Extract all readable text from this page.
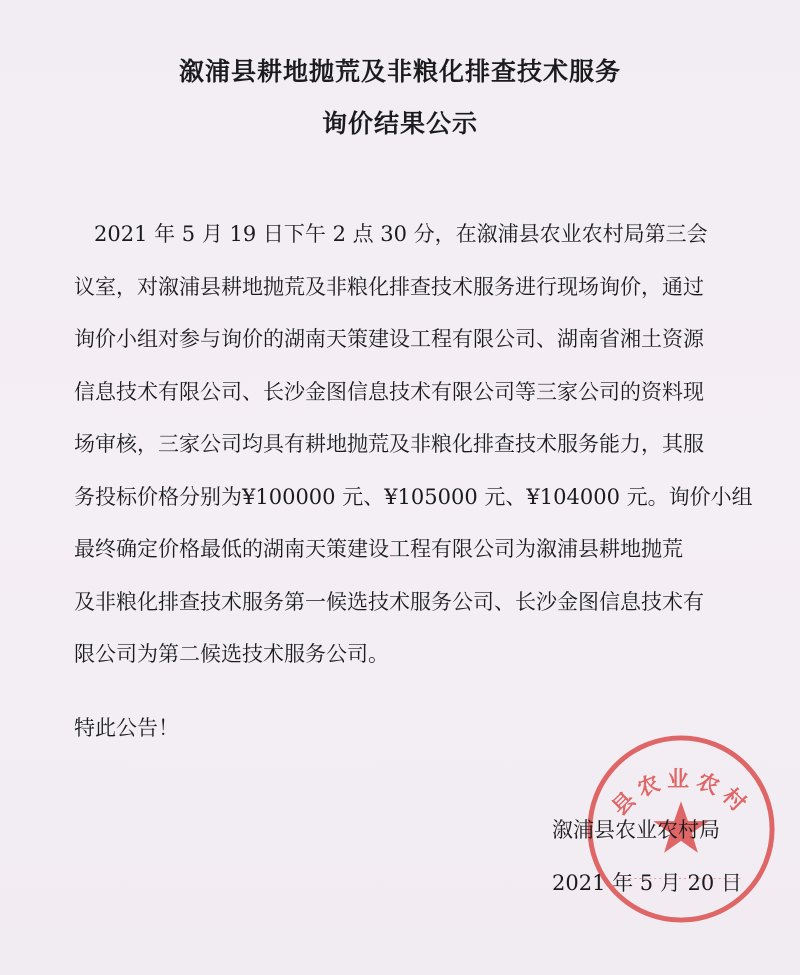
溆浦县耕地抛荒及非粮化排查技术服务
询价结果公示
2021 年 5 月 19 日下午 2 点 30 分，在溆浦县农业农村局第三会
议室，对溆浦县耕地抛荒及非粮化排查技术服务进行现场询价，通过
询价小组对参与询价的湖南天策建设工程有限公司、湖南省湘土资源
信息技术有限公司、长沙金图信息技术有限公司等三家公司的资料现
场审核，三家公司均具有耕地抛荒及非粮化排查技术服务能力，其服
务投标价格分别为¥100000 元、¥105000 元、¥104000 元。询价小组
最终确定价格最低的湖南天策建设工程有限公司为溆浦县耕地抛荒
及非粮化排查技术服务第一候选技术服务公司、长沙金图信息技术有
限公司为第二候选技术服务公司。
特此公告！
县农业农村
溆浦县农业农村局
2021 年 5 月 20 日
